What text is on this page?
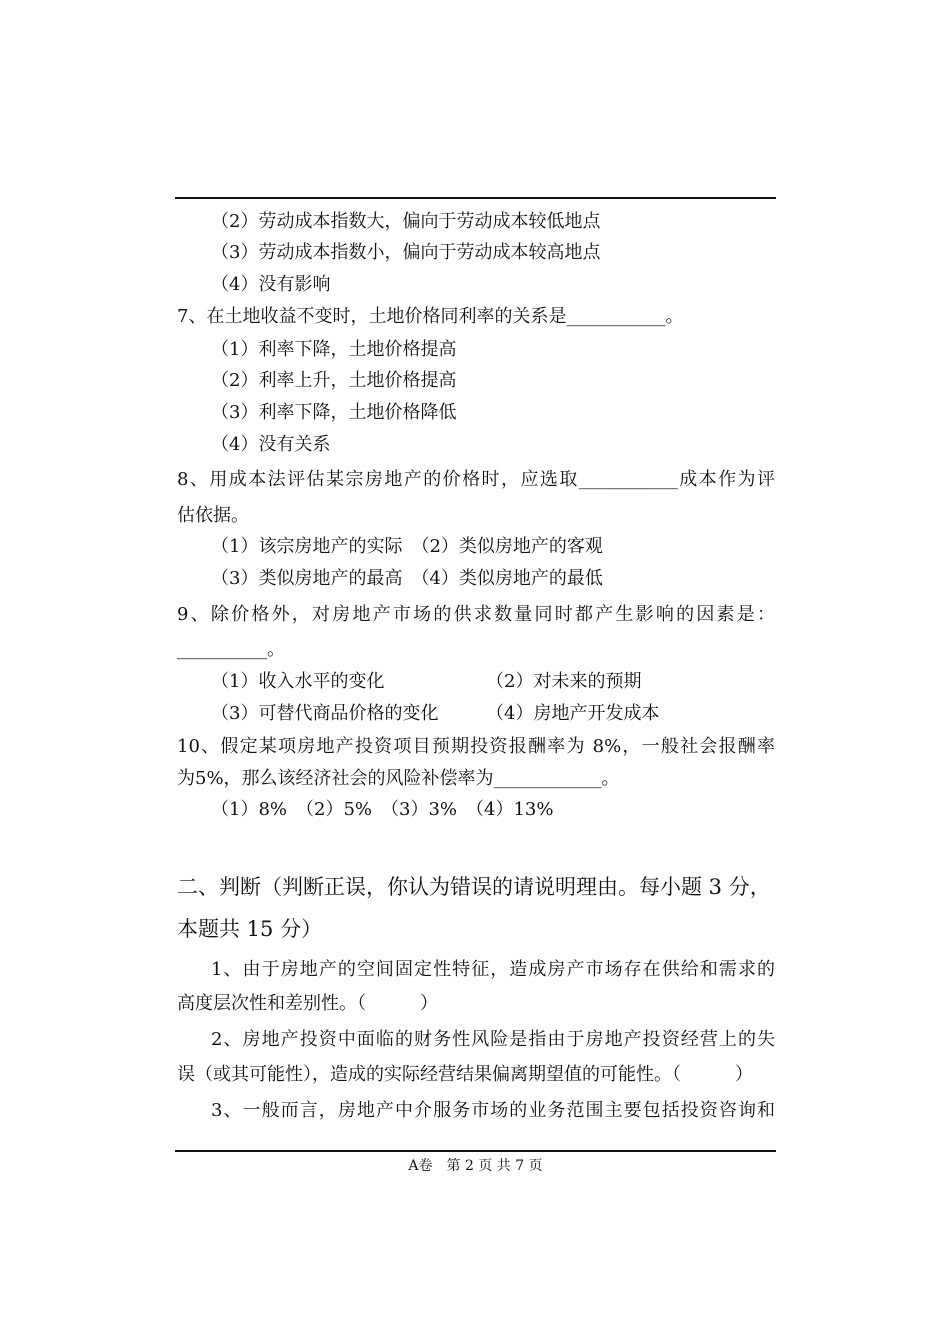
（2）劳动成本指数大，偏向于劳动成本较低地点
（3）劳动成本指数小，偏向于劳动成本较高地点
（4）没有影响
7、在土地收益不变时，土地价格同利率的关系是___________。
（1）利率下降，土地价格提高
（2）利率上升，土地价格提高
（3）利率下降，土地价格降低
（4）没有关系
8、用成本法评估某宗房地产的价格时，应选取___________成本作为评
估依据。
（1）该宗房地产的实际　（2）类似房地产的客观
（3）类似房地产的最高　（4）类似房地产的最低
9、除价格外，对房地产市场的供求数量同时都产生影响的因素是：
__________。
（1）收入水平的变化	（2）对未来的预期
（3）可替代商品价格的变化	（4）房地产开发成本
10、假定某项房地产投资项目预期投资报酬率为 8%，一般社会报酬率
为5%，那么该经济社会的风险补偿率为____________。
（1）8%　（2）5%　（3）3%　（4）13%
二、判断（判断正误，你认为错误的请说明理由。每小题 3 分，
本题共 15 分）
1、由于房地产的空间固定性特征，造成房产市场存在供给和需求的
高度层次性和差别性。（　　　）
2、房地产投资中面临的财务性风险是指由于房地产投资经营上的失
误（或其可能性），造成的实际经营结果偏离期望值的可能性。（　　　）
3、一般而言，房地产中介服务市场的业务范围主要包括投资咨询和
A卷　第 2 页 共 7 页
